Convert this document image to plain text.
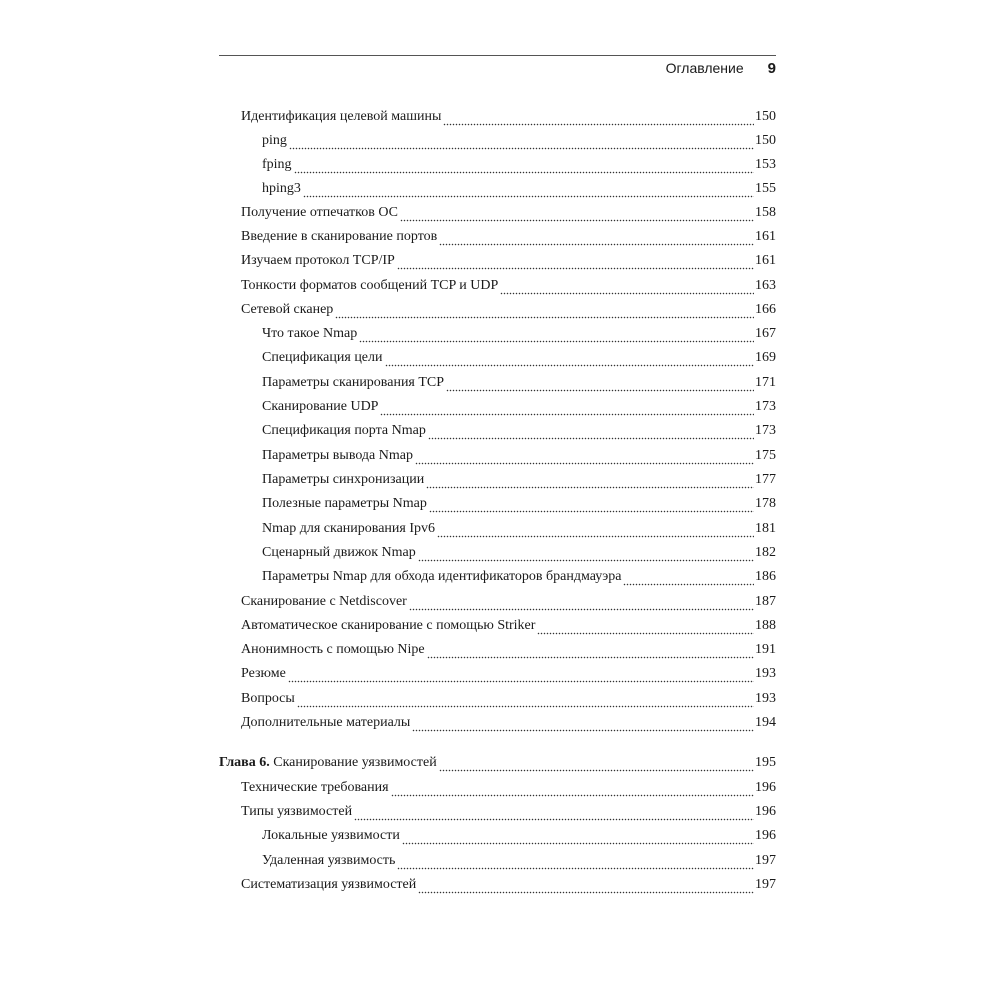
Оглавление 9
Идентификация целевой машины	150
ping	150
fping	153
hping3	155
Получение отпечатков ОС	158
Введение в сканирование портов	161
Изучаем протокол TCP/IP	161
Тонкости форматов сообщений TCP и UDP	163
Сетевой сканер	166
Что такое Nmap	167
Спецификация цели	169
Параметры сканирования TCP	171
Сканирование UDP	173
Спецификация порта Nmap	173
Параметры вывода Nmap	175
Параметры синхронизации	177
Полезные параметры Nmap	178
Nmap для сканирования Ipv6	181
Сценарный движок Nmap	182
Параметры Nmap для обхода идентификаторов брандмауэра	186
Сканирование с Netdiscover	187
Автоматическое сканирование с помощью Striker	188
Анонимность с помощью Nipe	191
Резюме	193
Вопросы	193
Дополнительные материалы	194
Глава 6. Сканирование уязвимостей	195
Технические требования	196
Типы уязвимостей	196
Локальные уязвимости	196
Удаленная уязвимость	197
Систематизация уязвимостей	197
